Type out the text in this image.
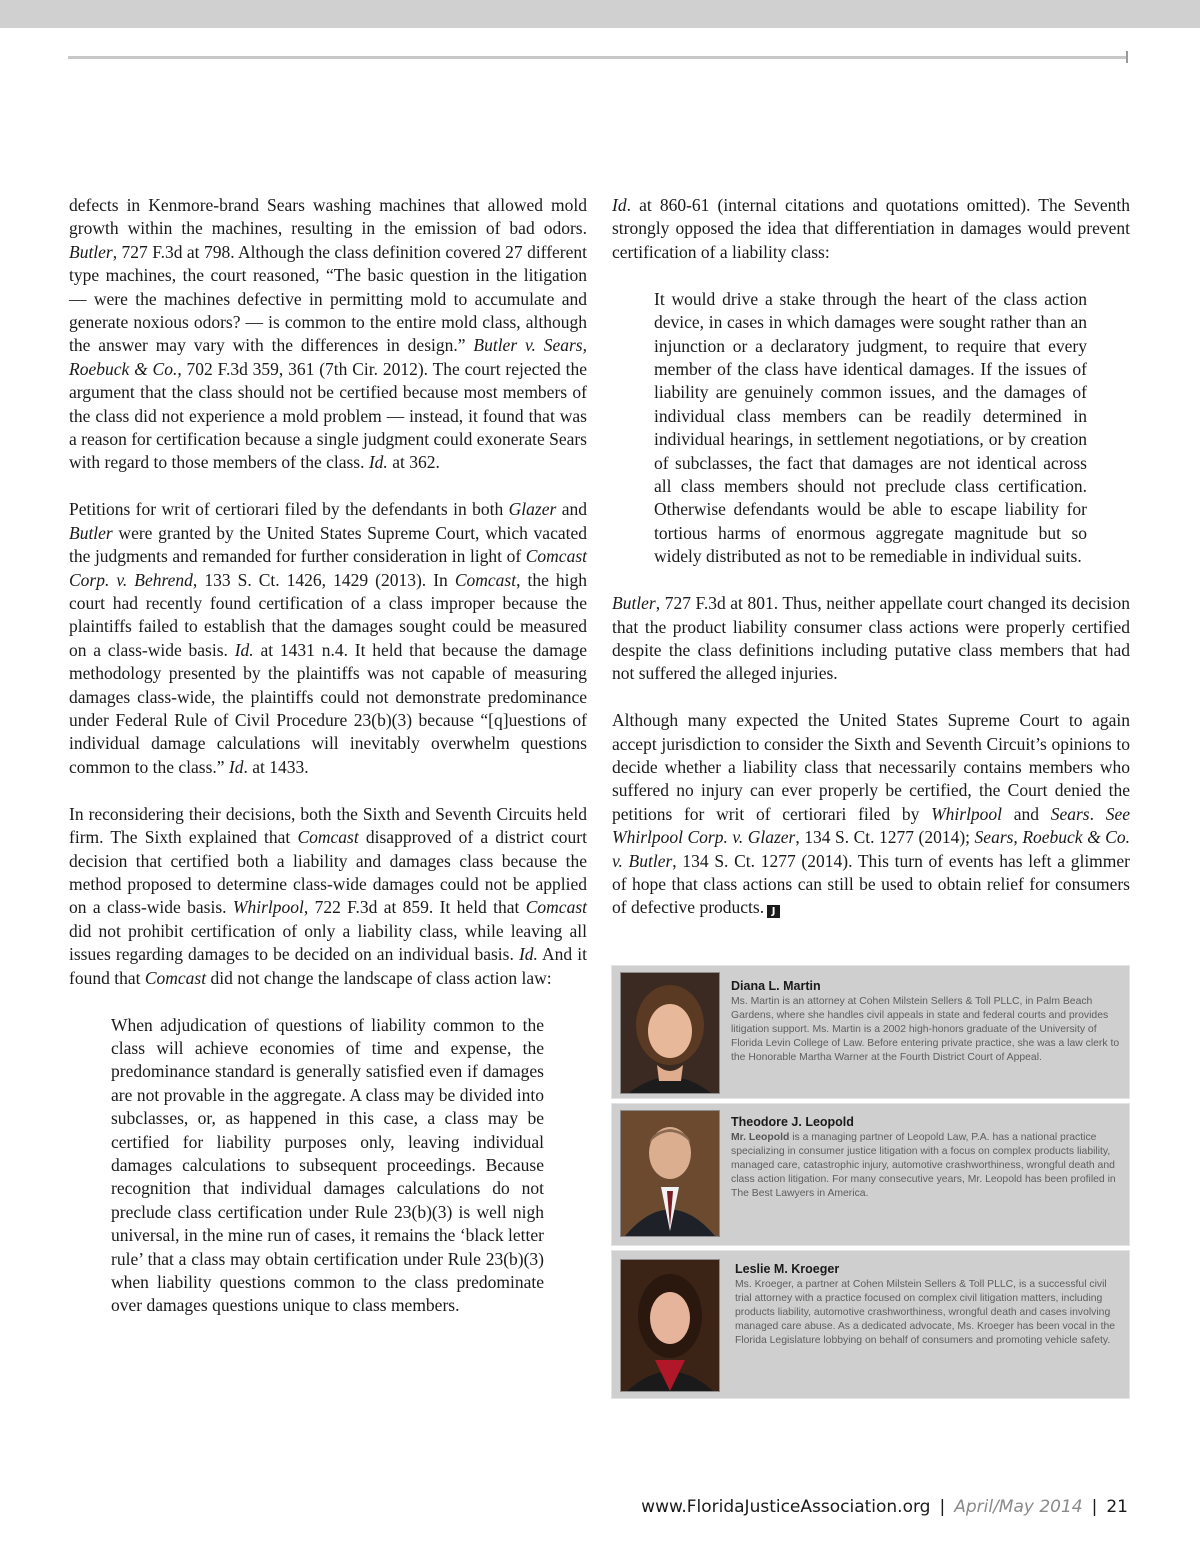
defects in Kenmore-brand Sears washing machines that allowed mold growth within the machines, resulting in the emission of bad odors. Butler, 727 F.3d at 798. Although the class definition covered 27 different type machines, the court reasoned, “The basic question in the litigation — were the machines defective in permitting mold to accumulate and generate noxious odors? — is common to the entire mold class, although the answer may vary with the differences in design.” Butler v. Sears, Roebuck & Co., 702 F.3d 359, 361 (7th Cir. 2012). The court rejected the argument that the class should not be certified because most members of the class did not experience a mold problem — instead, it found that was a reason for certification because a single judgment could exonerate Sears with regard to those members of the class. Id. at 362.

Petitions for writ of certiorari filed by the defendants in both Glazer and Butler were granted by the United States Supreme Court, which vacated the judgments and remanded for further consideration in light of Comcast Corp. v. Behrend, 133 S. Ct. 1426, 1429 (2013). In Comcast, the high court had recently found certification of a class improper because the plaintiffs failed to establish that the damages sought could be measured on a class-wide basis. Id. at 1431 n.4. It held that because the damage methodology presented by the plaintiffs was not capable of measuring damages class-wide, the plaintiffs could not demonstrate predominance under Federal Rule of Civil Procedure 23(b)(3) because “[q]uestions of individual damage calculations will inevitably overwhelm questions common to the class.” Id. at 1433.

In reconsidering their decisions, both the Sixth and Seventh Circuits held firm. The Sixth explained that Comcast disapproved of a district court decision that certified both a liability and damages class because the method proposed to determine class-wide damages could not be applied on a class-wide basis. Whirlpool, 722 F.3d at 859. It held that Comcast did not prohibit certification of only a liability class, while leaving all issues regarding damages to be decided on an individual basis. Id. And it found that Comcast did not change the landscape of class action law:

When adjudication of questions of liability common to the class will achieve economies of time and expense, the predominance standard is generally satisfied even if damages are not provable in the aggregate. A class may be divided into subclasses, or, as happened in this case, a class may be certified for liability purposes only, leaving individual damages calculations to subsequent proceedings. Because recognition that individual damages calculations do not preclude class certification under Rule 23(b)(3) is well nigh universal, in the mine run of cases, it remains the ‘black letter rule’ that a class may obtain certification under Rule 23(b)(3) when liability questions common to the class predominate over damages questions unique to class members.

Id. at 860-61 (internal citations and quotations omitted). The Seventh strongly opposed the idea that differentiation in damages would prevent certification of a liability class:

It would drive a stake through the heart of the class action device, in cases in which damages were sought rather than an injunction or a declaratory judgment, to require that every member of the class have identical damages. If the issues of liability are genuinely common issues, and the damages of individual class members can be readily determined in individual hearings, in settlement negotiations, or by creation of subclasses, the fact that damages are not identical across all class members should not preclude class certification. Otherwise defendants would be able to escape liability for tortious harms of enormous aggregate magnitude but so widely distributed as not to be remediable in individual suits.

Butler, 727 F.3d at 801. Thus, neither appellate court changed its decision that the product liability consumer class actions were properly certified despite the class definitions including putative class members that had not suffered the alleged injuries.

Although many expected the United States Supreme Court to again accept jurisdiction to consider the Sixth and Seventh Circuit’s opinions to decide whether a liability class that necessarily contains members who suffered no injury can ever properly be certified, the Court denied the petitions for writ of certiorari filed by Whirlpool and Sears. See Whirlpool Corp. v. Glazer, 134 S. Ct. 1277 (2014); Sears, Roebuck & Co. v. Butler, 134 S. Ct. 1277 (2014). This turn of events has left a glimmer of hope that class actions can still be used to obtain relief for consumers of defective products. J

Diana L. Martin
Ms. Martin is an attorney at Cohen Milstein Sellers & Toll PLLC, in Palm Beach Gardens, where she handles civil appeals in state and federal courts and provides litigation support. Ms. Martin is a 2002 high-honors graduate of the University of Florida Levin College of Law. Before entering private practice, she was a law clerk to the Honorable Martha Warner at the Fourth District Court of Appeal.
Theodore J. Leopold
Mr. Leopold is a managing partner of Leopold Law, P.A. has a national practice specializing in consumer justice litigation with a focus on complex products liability, managed care, catastrophic injury, automotive crashworthiness, wrongful death and class action litigation. For many consecutive years, Mr. Leopold has been profiled in The Best Lawyers in America.
Leslie M. Kroeger
Ms. Kroeger, a partner at Cohen Milstein Sellers & Toll PLLC, is a successful civil trial attorney with a practice focused on complex civil litigation matters, including products liability, automotive crashworthiness, wrongful death and cases involving managed care abuse. As a dedicated advocate, Ms. Kroeger has been vocal in the Florida Legislature lobbying on behalf of consumers and promoting vehicle safety.
www.FloridaJusticeAssociation.org | April/May 2014 | 21
